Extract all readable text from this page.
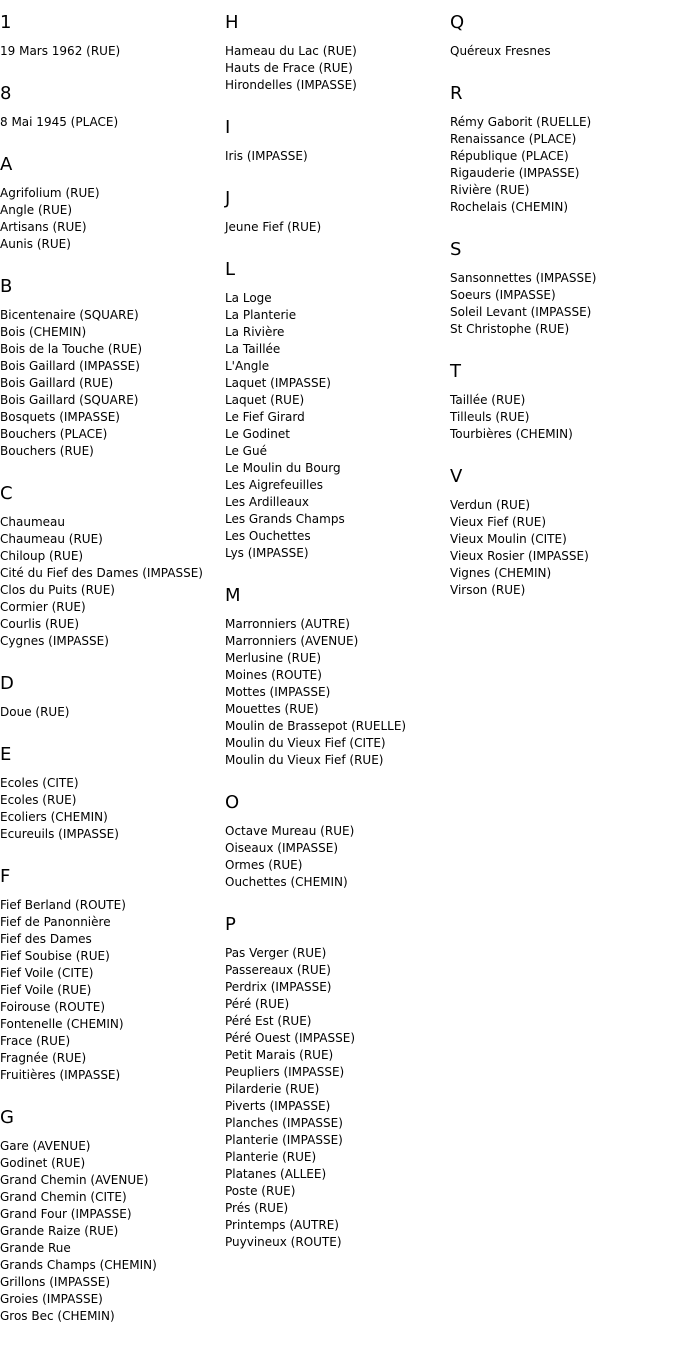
1
19 Mars 1962 (RUE)
8
8 Mai 1945 (PLACE)
A
Agrifolium (RUE)
Angle (RUE)
Artisans (RUE)
Aunis (RUE)
B
Bicentenaire (SQUARE)
Bois (CHEMIN)
Bois de la Touche (RUE)
Bois Gaillard (IMPASSE)
Bois Gaillard (RUE)
Bois Gaillard (SQUARE)
Bosquets (IMPASSE)
Bouchers (PLACE)
Bouchers (RUE)
C
Chaumeau
Chaumeau (RUE)
Chiloup (RUE)
Cité du Fief des Dames (IMPASSE)
Clos du Puits (RUE)
Cormier (RUE)
Courlis (RUE)
Cygnes (IMPASSE)
D
Doue (RUE)
E
Ecoles (CITE)
Ecoles (RUE)
Ecoliers (CHEMIN)
Ecureuils (IMPASSE)
F
Fief Berland (ROUTE)
Fief de Panonnière
Fief des Dames
Fief Soubise (RUE)
Fief Voile (CITE)
Fief Voile (RUE)
Foirouse (ROUTE)
Fontenelle (CHEMIN)
Frace (RUE)
Fragnée (RUE)
Fruitières (IMPASSE)
G
Gare (AVENUE)
Godinet (RUE)
Grand Chemin (AVENUE)
Grand Chemin (CITE)
Grand Four (IMPASSE)
Grande Raize (RUE)
Grande Rue
Grands Champs (CHEMIN)
Grillons (IMPASSE)
Groies (IMPASSE)
Gros Bec (CHEMIN)
H
Hameau du Lac (RUE)
Hauts de Frace (RUE)
Hirondelles (IMPASSE)
I
Iris (IMPASSE)
J
Jeune Fief (RUE)
L
La Loge
La Planterie
La Rivière
La Taillée
L'Angle
Laquet (IMPASSE)
Laquet (RUE)
Le Fief Girard
Le Godinet
Le Gué
Le Moulin du Bourg
Les Aigrefeuilles
Les Ardilleaux
Les Grands Champs
Les Ouchettes
Lys (IMPASSE)
M
Marronniers (AUTRE)
Marronniers (AVENUE)
Merlusine (RUE)
Moines (ROUTE)
Mottes (IMPASSE)
Mouettes (RUE)
Moulin de Brassepot (RUELLE)
Moulin du Vieux Fief (CITE)
Moulin du Vieux Fief (RUE)
O
Octave Mureau (RUE)
Oiseaux (IMPASSE)
Ormes (RUE)
Ouchettes (CHEMIN)
P
Pas Verger (RUE)
Passereaux (RUE)
Perdrix (IMPASSE)
Péré (RUE)
Péré Est (RUE)
Péré Ouest (IMPASSE)
Petit Marais (RUE)
Peupliers (IMPASSE)
Pilarderie (RUE)
Piverts (IMPASSE)
Planches (IMPASSE)
Planterie (IMPASSE)
Planterie (RUE)
Platanes (ALLEE)
Poste (RUE)
Prés (RUE)
Printemps (AUTRE)
Puyvineux (ROUTE)
Q
Quéreux Fresnes
R
Rémy Gaborit (RUELLE)
Renaissance (PLACE)
République (PLACE)
Rigauderie (IMPASSE)
Rivière (RUE)
Rochelais (CHEMIN)
S
Sansonnettes (IMPASSE)
Soeurs (IMPASSE)
Soleil Levant (IMPASSE)
St Christophe (RUE)
T
Taillée (RUE)
Tilleuls (RUE)
Tourbières (CHEMIN)
V
Verdun (RUE)
Vieux Fief (RUE)
Vieux Moulin (CITE)
Vieux Rosier (IMPASSE)
Vignes (CHEMIN)
Virson (RUE)
